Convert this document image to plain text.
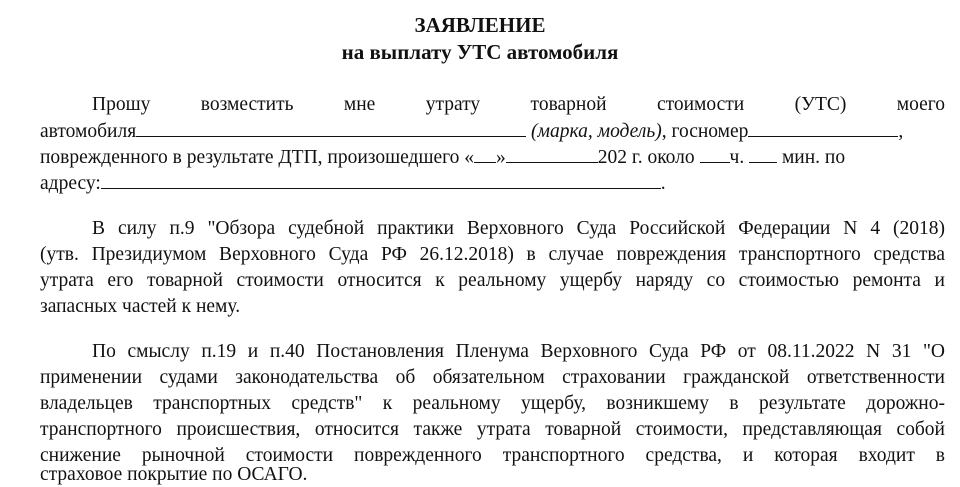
ЗАЯВЛЕНИЕ
на выплату УТС автомобиля
Прошу возместить мне утрату товарной стоимости (УТС) моего
автомобиля	(марка, модель), госномер	,
поврежденного в результате ДТП, произошедшего « »	202 г. около ч. мин. по
адресу:	.
В силу п.9 "Обзора судебной практики Верховного Суда Российской Федерации N 4 (2018)
(утв. Президиумом Верховного Суда РФ 26.12.2018) в случае повреждения транспортного средства
утрата его товарной стоимости относится к реальному ущербу наряду со стоимостью ремонта и
запасных частей к нему.
По смыслу п.19 и п.40 Постановления Пленума Верховного Суда РФ от 08.11.2022 N 31 "О
применении судами законодательства об обязательном страховании гражданской ответственности
владельцев транспортных средств" к реальному ущербу, возникшему в результате дорожно-
транспортного происшествия, относится также утрата товарной стоимости, представляющая собой
снижение рыночной стоимости поврежденного транспортного средства, и которая входит в
страховое покрытие по ОСАГО.
